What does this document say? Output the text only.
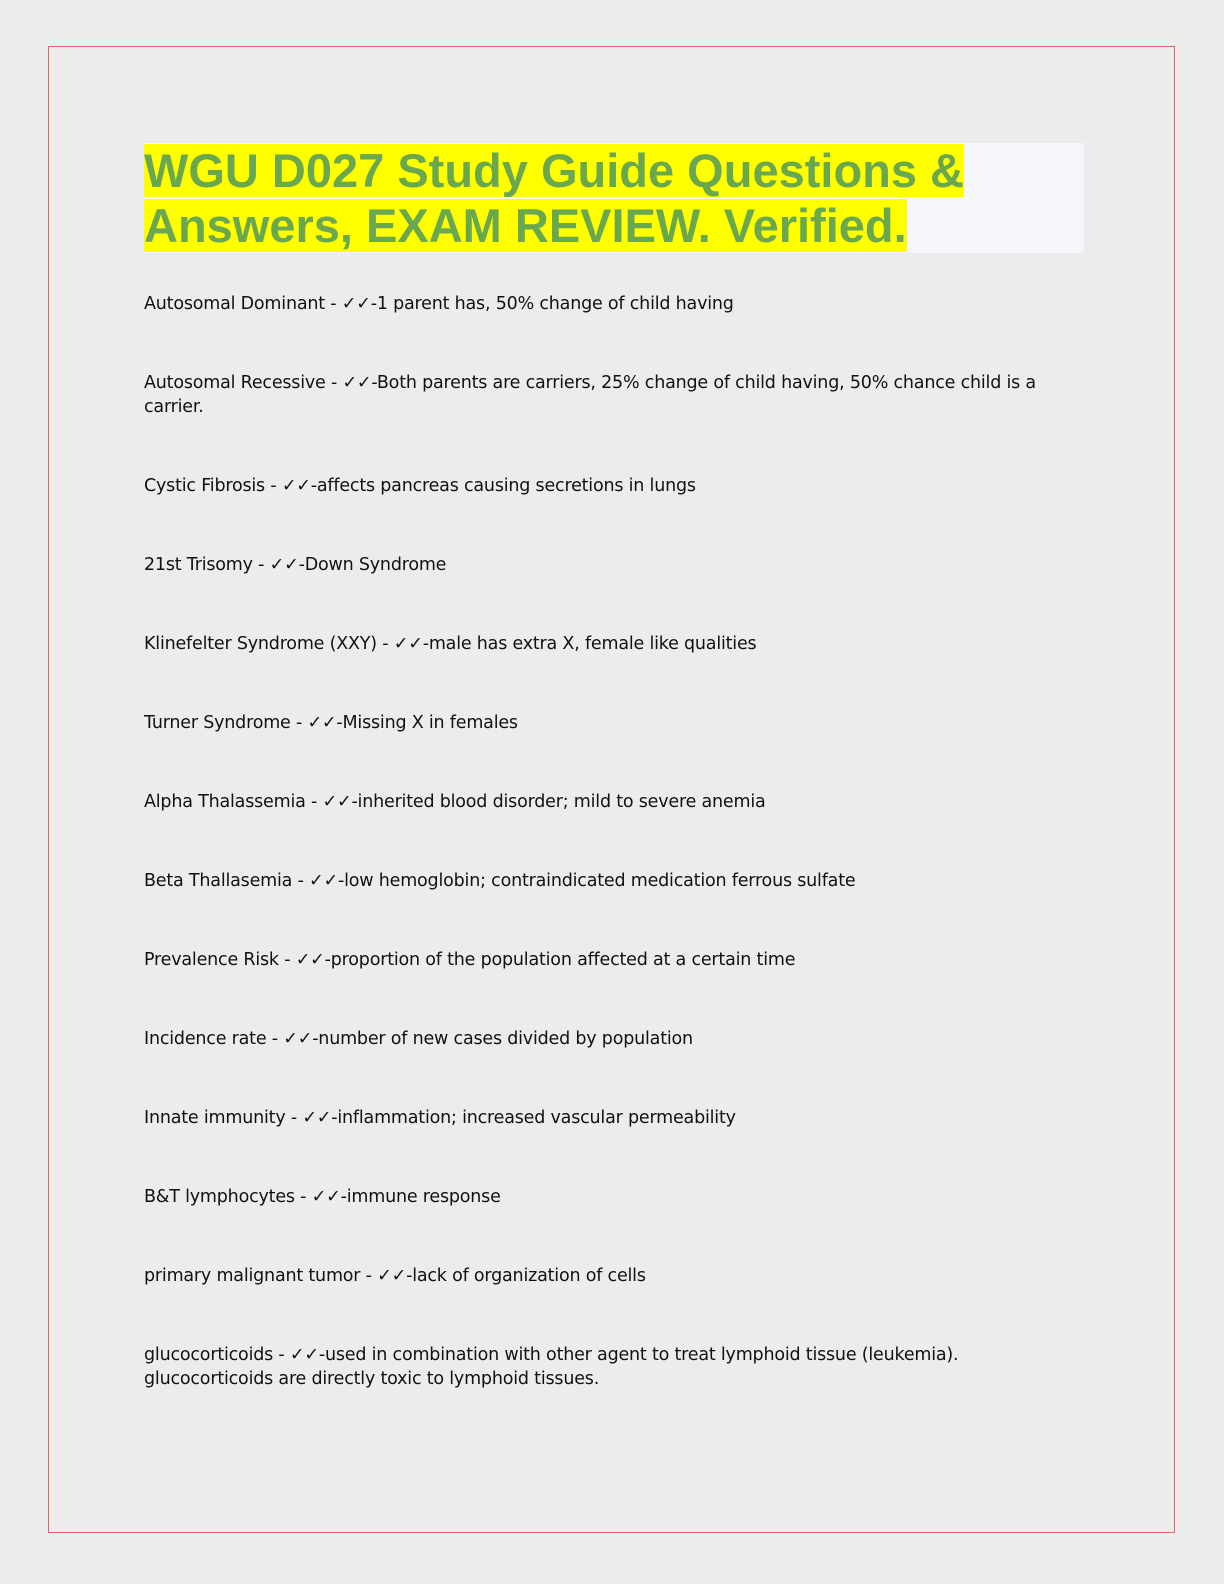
WGU D027 Study Guide Questions &
Answers, EXAM REVIEW. Verified.
Autosomal Dominant - ✓✓-1 parent has, 50% change of child having
Autosomal Recessive - ✓✓-Both parents are carriers, 25% change of child having, 50% chance child is a carrier.
Cystic Fibrosis - ✓✓-affects pancreas causing secretions in lungs
21st Trisomy - ✓✓-Down Syndrome
Klinefelter Syndrome (XXY) - ✓✓-male has extra X, female like qualities
Turner Syndrome - ✓✓-Missing X in females
Alpha Thalassemia - ✓✓-inherited blood disorder; mild to severe anemia
Beta Thallasemia - ✓✓-low hemoglobin; contraindicated medication ferrous sulfate
Prevalence Risk - ✓✓-proportion of the population affected at a certain time
Incidence rate - ✓✓-number of new cases divided by population
Innate immunity - ✓✓-inflammation; increased vascular permeability
B&T lymphocytes - ✓✓-immune response
primary malignant tumor - ✓✓-lack of organization of cells
glucocorticoids - ✓✓-used in combination with other agent to treat lymphoid tissue (leukemia). glucocorticoids are directly toxic to lymphoid tissues.
